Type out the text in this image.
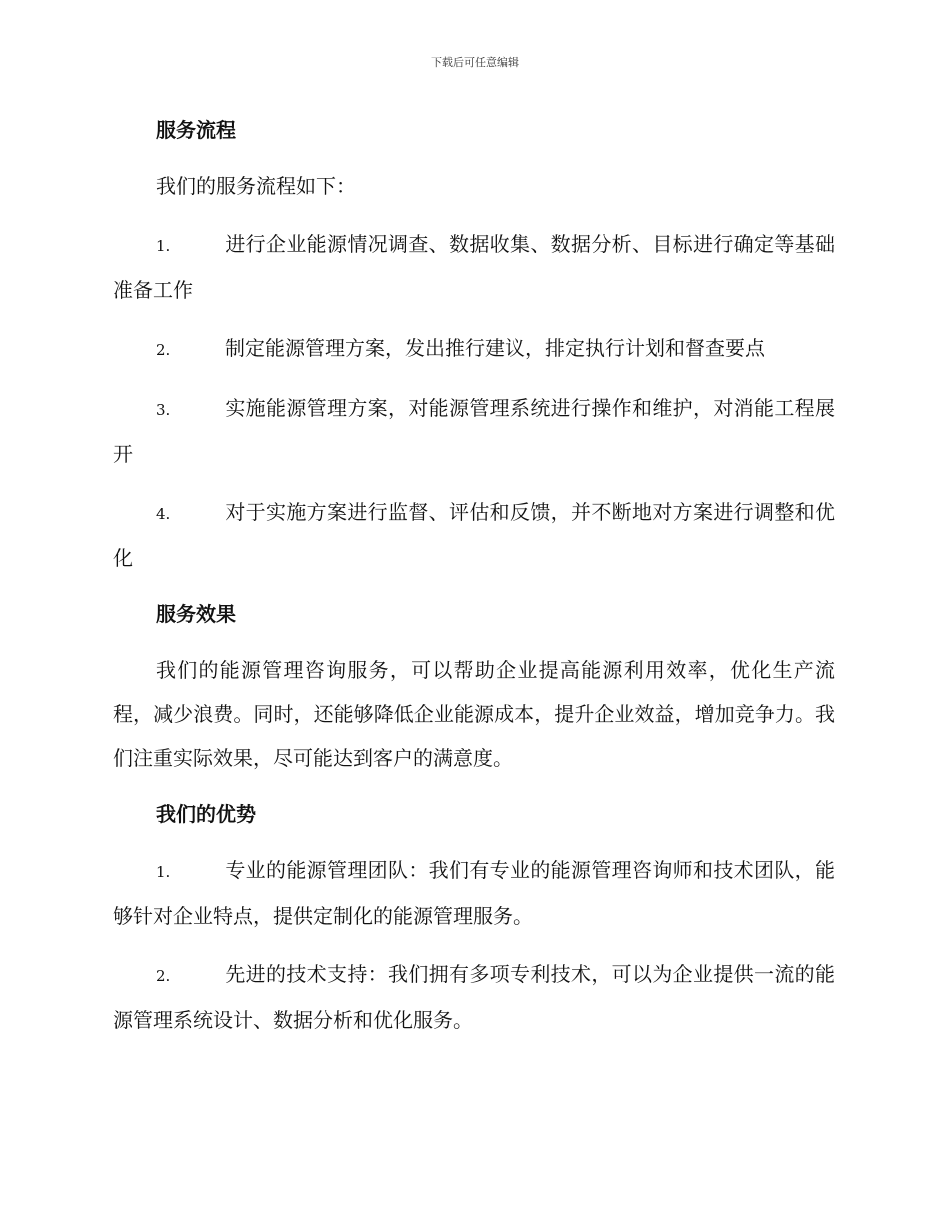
下载后可任意编辑
服务流程
我们的服务流程如下：
1.	进行企业能源情况调查、数据收集、数据分析、目标进行确定等基础准备工作
2.	制定能源管理方案，发出推行建议，排定执行计划和督查要点
3.	实施能源管理方案，对能源管理系统进行操作和维护，对消能工程展开
4.	对于实施方案进行监督、评估和反馈，并不断地对方案进行调整和优化
服务效果
我们的能源管理咨询服务，可以帮助企业提高能源利用效率，优化生产流程，减少浪费。同时，还能够降低企业能源成本，提升企业效益，增加竞争力。我们注重实际效果，尽可能达到客户的满意度。
我们的优势
1.	专业的能源管理团队：我们有专业的能源管理咨询师和技术团队，能够针对企业特点，提供定制化的能源管理服务。
2.	先进的技术支持：我们拥有多项专利技术，可以为企业提供一流的能源管理系统设计、数据分析和优化服务。
